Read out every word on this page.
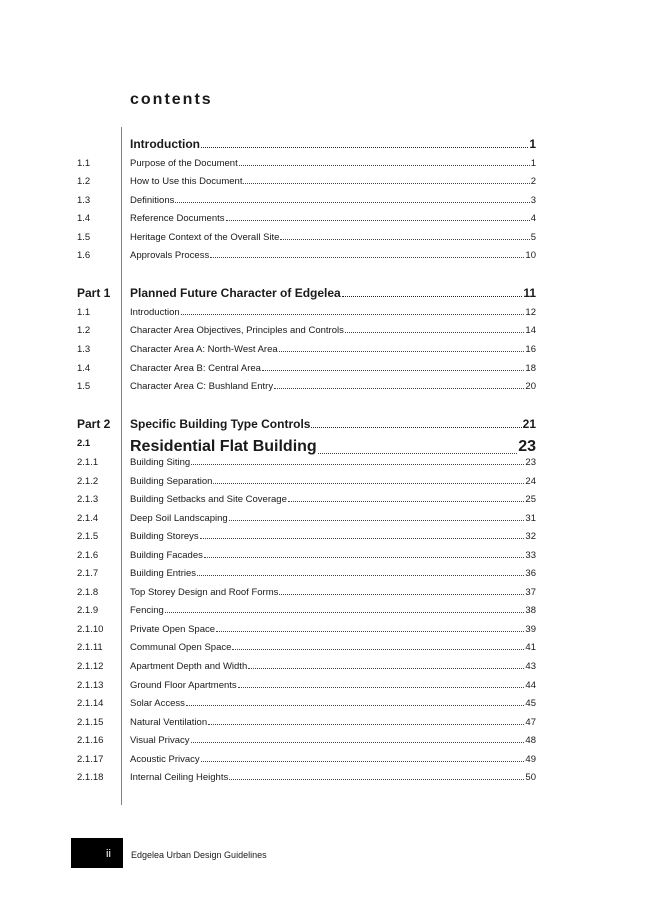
contents
Introduction	1
1.1	Purpose of the Document	1
1.2	How to Use this Document	2
1.3	Definitions	3
1.4	Reference Documents	4
1.5	Heritage Context of the Overall Site	5
1.6	Approvals Process	10
Part 1 Planned Future Character of Edgelea	11
1.1	Introduction	12
1.2	Character Area Objectives, Principles and Controls	14
1.3	Character Area A: North-West Area	16
1.4	Character Area B: Central Area	18
1.5	Character Area C: Bushland Entry	20
Part 2 Specific Building Type Controls	21
2.1 Residential Flat Building	23
2.1.1	Building Siting	23
2.1.2	Building Separation	24
2.1.3	Building Setbacks and Site Coverage	25
2.1.4	Deep Soil Landscaping	31
2.1.5	Building Storeys	32
2.1.6	Building Facades	33
2.1.7	Building Entries	36
2.1.8	Top Storey Design and Roof Forms	37
2.1.9	Fencing	38
2.1.10	Private Open Space	39
2.1.11	Communal Open Space	41
2.1.12	Apartment Depth and Width	43
2.1.13	Ground Floor Apartments	44
2.1.14	Solar Access	45
2.1.15	Natural Ventilation	47
2.1.16	Visual Privacy	48
2.1.17	Acoustic Privacy	49
2.1.18	Internal Ceiling Heights	50
ii Edgelea Urban Design Guidelines
